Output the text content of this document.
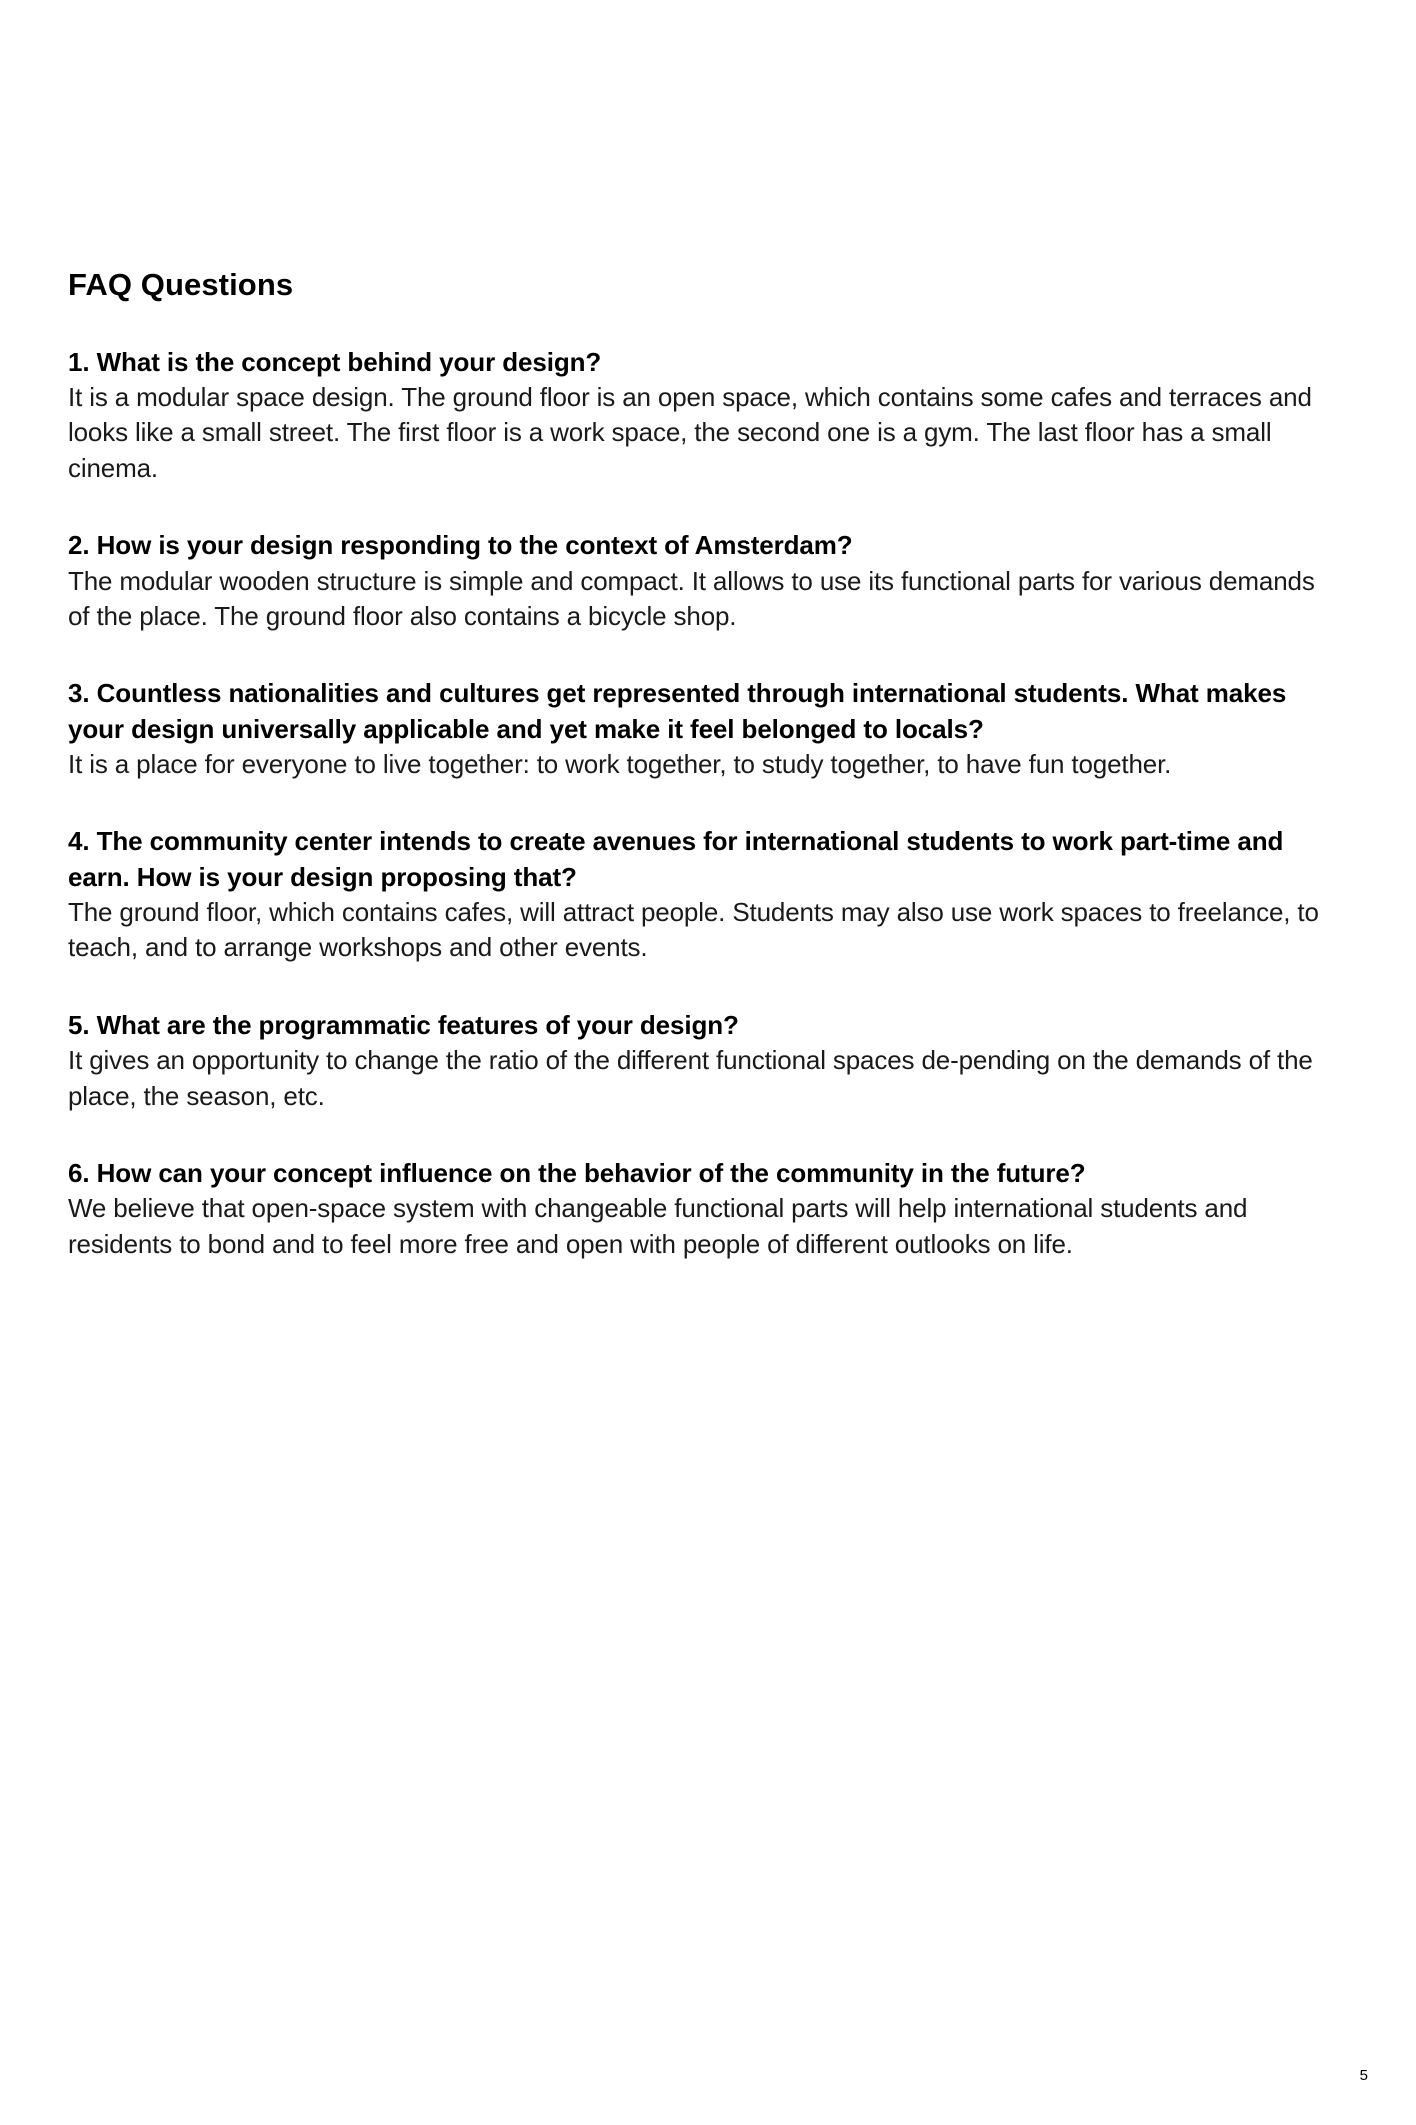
FAQ Questions

1. What is the concept behind your design?

It is a modular space design. The ground floor is an open space, which contains some cafes and terraces and looks like a small street. The first floor is a work space, the second one is a gym. The last floor has a small cinema.

2. How is your design responding to the context of Amsterdam?

The modular wooden structure is simple and compact. It allows to use its functional parts for various demands of the place. The ground floor also contains a bicycle shop.

3. Countless nationalities and cultures get represented through international students. What makes your design universally applicable and yet make it feel belonged to locals?

It is a place for everyone to live together: to work together, to study together, to have fun together.

4. The community center intends to create avenues for international students to work part-time and earn. How is your design proposing that?

The ground floor, which contains cafes, will attract people. Students may also use work spaces to freelance, to teach, and to arrange workshops and other events.

5. What are the programmatic features of your design?

It gives an opportunity to change the ratio of the different functional spaces de-pending on the demands of the place, the season, etc.

6. How can your concept influence on the behavior of the community in the future?

We believe that open-space system with changeable functional parts will help international students and residents to bond and to feel more free and open with people of different outlooks on life.

5
